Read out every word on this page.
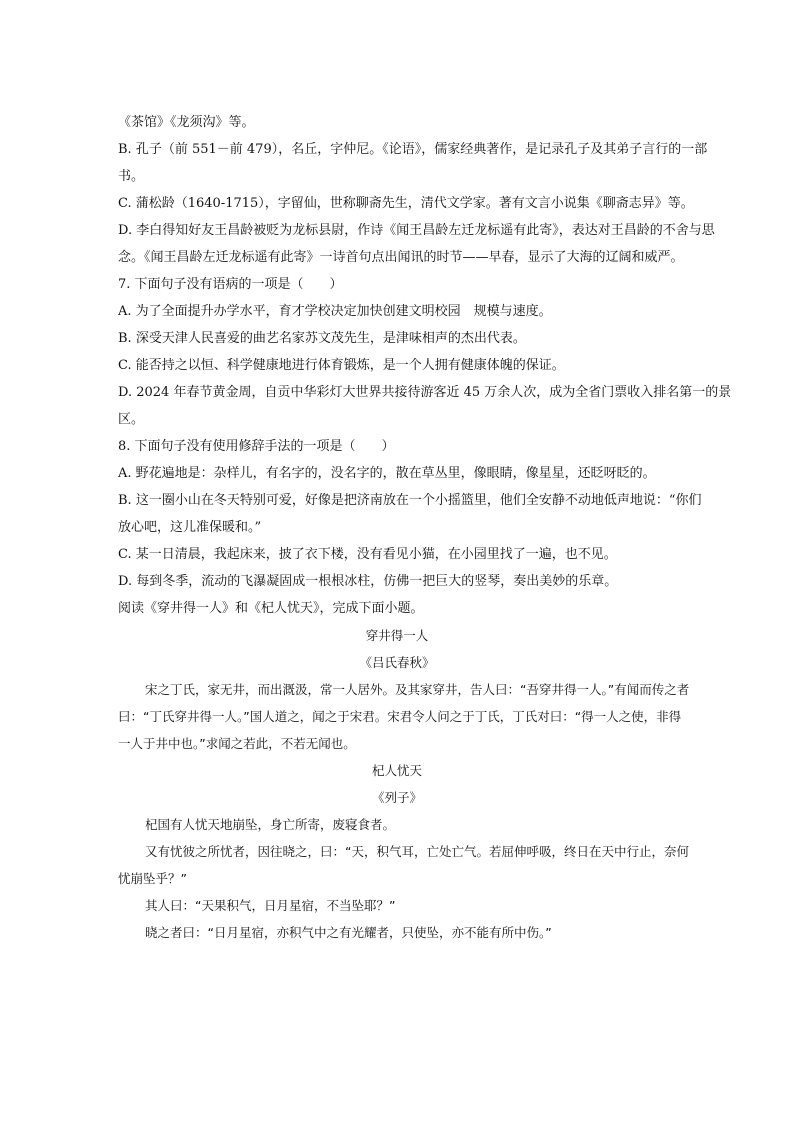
《茶馆》《龙须沟》等。
B. 孔子（前 551－前 479），名丘，字仲尼。《论语》，儒家经典著作，是记录孔子及其弟子言行的一部
书。
C. 蒲松龄（1640-1715），字留仙，世称聊斋先生，清代文学家。著有文言小说集《聊斋志异》等。
D. 李白得知好友王昌龄被贬为龙标县尉，作诗《闻王昌龄左迁龙标遥有此寄》，表达对王昌龄的不舍与思
念。《闻王昌龄左迁龙标遥有此寄》一诗首句点出闻讯的时节——早春，显示了大海的辽阔和威严。
7. 下面句子没有语病的一项是（　　）
A. 为了全面提升办学水平，育才学校决定加快创建文明校园　规模与速度。
B. 深受天津人民喜爱的曲艺名家苏文茂先生，是津味相声的杰出代表。
C. 能否持之以恒、科学健康地进行体育锻炼，是一个人拥有健康体魄的保证。
D. 2024 年春节黄金周，自贡中华彩灯大世界共接待游客近 45 万余人次，成为全省门票收入排名第一的景
区。
8. 下面句子没有使用修辞手法的一项是（　　）
A. 野花遍地是：杂样儿，有名字的，没名字的，散在草丛里，像眼睛，像星星，还眨呀眨的。
B. 这一圈小山在冬天特别可爱，好像是把济南放在一个小摇篮里，他们全安静不动地低声地说：“你们
放心吧，这儿准保暖和。”
C. 某一日清晨，我起床来，披了衣下楼，没有看见小猫，在小园里找了一遍，也不见。
D. 每到冬季，流动的飞瀑凝固成一根根冰柱，仿佛一把巨大的竖琴，奏出美妙的乐章。
阅读《穿井得一人》和《杞人忧天》，完成下面小题。
穿井得一人
《吕氏春秋》
宋之丁氏，家无井，而出溉汲，常一人居外。及其家穿井，告人曰：“吾穿井得一人。”有闻而传之者
曰：“丁氏穿井得一人。”国人道之，闻之于宋君。宋君令人问之于丁氏，丁氏对曰：“得一人之使，非得
一人于井中也。”求闻之若此，不若无闻也。
杞人忧天
《列子》
杞国有人忧天地崩坠，身亡所寄，废寝食者。
又有忧彼之所忧者，因往晓之，曰：“天，积气耳，亡处亡气。若屈伸呼吸，终日在天中行止，奈何
忧崩坠乎？”
其人曰：“天果积气，日月星宿，不当坠耶？”
晓之者曰：“日月星宿，亦积气中之有光耀者，只使坠，亦不能有所中伤。”
